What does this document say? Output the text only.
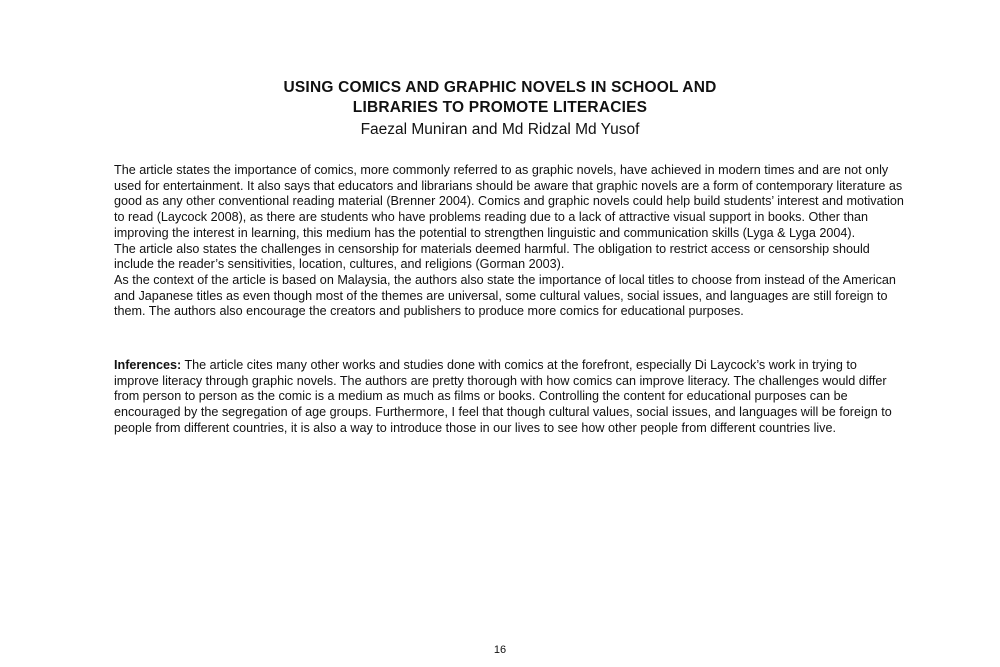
USING COMICS AND GRAPHIC NOVELS IN SCHOOL AND
LIBRARIES TO PROMOTE LITERACIES
Faezal Muniran and Md Ridzal Md Yusof

The article states the importance of comics, more commonly referred to as graphic novels, have achieved in modern times and are not only used for entertainment. It also says that educators and librarians should be aware that graphic novels are a form of contemporary literature as good as any other conventional reading material (Brenner 2004). Comics and graphic novels could help build students’ interest and motivation to read (Laycock 2008), as there are students who have problems reading due to a lack of attractive visual support in books. Other than improving the interest in learning, this medium has the potential to strengthen linguistic and communication skills (Lyga & Lyga 2004).

The article also states the challenges in censorship for materials deemed harmful. The obligation to restrict access or censorship should include the reader’s sensitivities, location, cultures, and religions (Gorman 2003).

As the context of the article is based on Malaysia, the authors also state the importance of local titles to choose from instead of the American and Japanese titles as even though most of the themes are universal, some cultural values, social issues, and languages are still foreign to them. The authors also encourage the creators and publishers to produce more comics for educational purposes.

Inferences: The article cites many other works and studies done with comics at the forefront, especially Di Laycock’s work in trying to improve literacy through graphic novels. The authors are pretty thorough with how comics can improve literacy. The challenges would differ from person to person as the comic is a medium as much as films or books. Controlling the content for educational purposes can be encouraged by the segregation of age groups. Furthermore, I feel that though cultural values, social issues, and languages will be foreign to people from different countries, it is also a way to introduce those in our lives to see how other people from different countries live.

16
